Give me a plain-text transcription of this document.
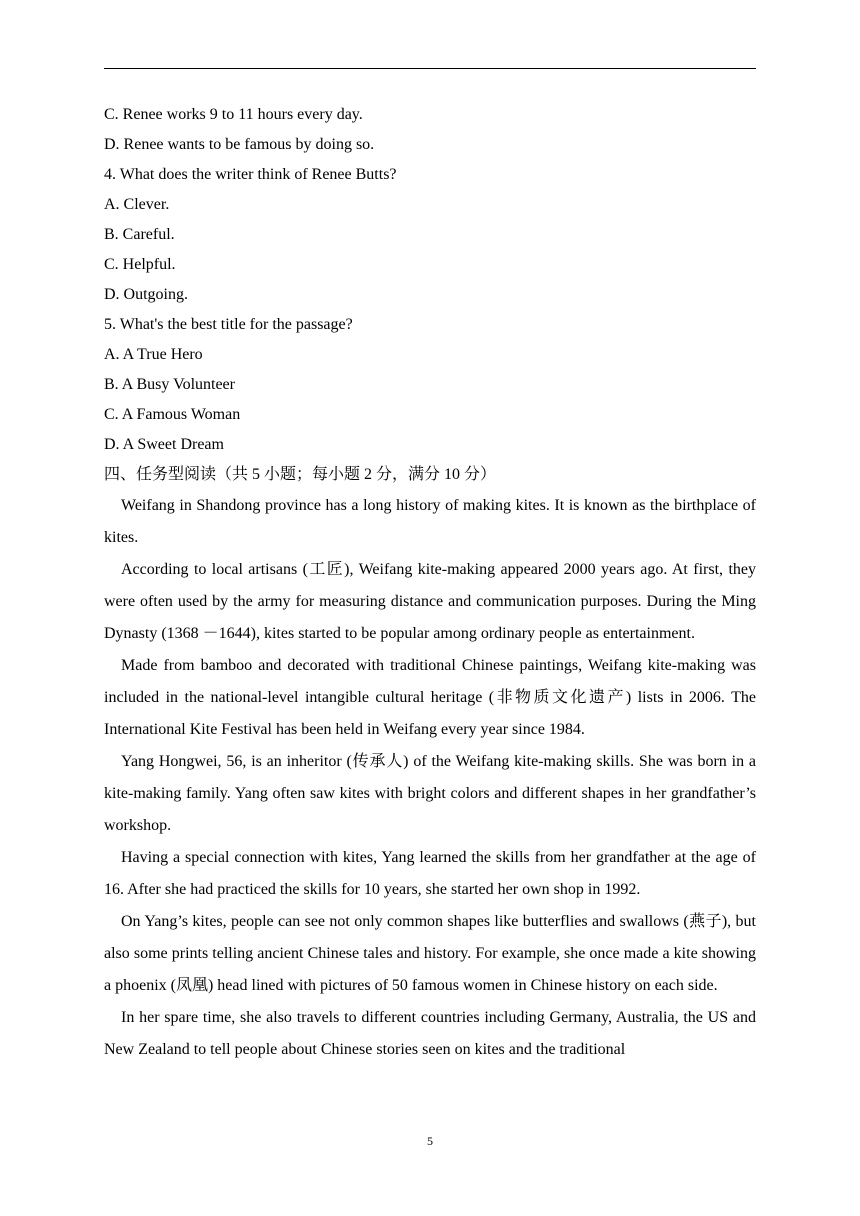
C. Renee works 9 to 11 hours every day.

D. Renee wants to be famous by doing so.

4. What does the writer think of Renee Butts?

A. Clever.

B. Careful.

C. Helpful.

D. Outgoing.

5. What's the best title for the passage?

A. A True Hero

B. A Busy Volunteer

C. A Famous Woman

D. A Sweet Dream

四、任务型阅读（共 5 小题；每小题 2 分，满分 10 分）

Weifang in Shandong province has a long history of making kites. It is known as the birthplace of kites.

According to local artisans (工匠), Weifang kite-making appeared 2000 years ago. At first, they were often used by the army for measuring distance and communication purposes. During the Ming Dynasty (1368 －1644), kites started to be popular among ordinary people as entertainment.

Made from bamboo and decorated with traditional Chinese paintings, Weifang kite-making was included in the national-level intangible cultural heritage (非物质文化遗产) lists in 2006. The International Kite Festival has been held in Weifang every year since 1984.

Yang Hongwei, 56, is an inheritor (传承人) of the Weifang kite-making skills. She was born in a kite-making family. Yang often saw kites with bright colors and different shapes in her grandfather’s workshop.

Having a special connection with kites, Yang learned the skills from her grandfather at the age of 16. After she had practiced the skills for 10 years, she started her own shop in 1992.

On Yang’s kites, people can see not only common shapes like butterflies and swallows (燕子), but also some prints telling ancient Chinese tales and history. For example, she once made a kite showing a phoenix (凤凰) head lined with pictures of 50 famous women in Chinese history on each side.

In her spare time, she also travels to different countries including Germany, Australia, the US and New Zealand to tell people about Chinese stories seen on kites and the traditional

5
